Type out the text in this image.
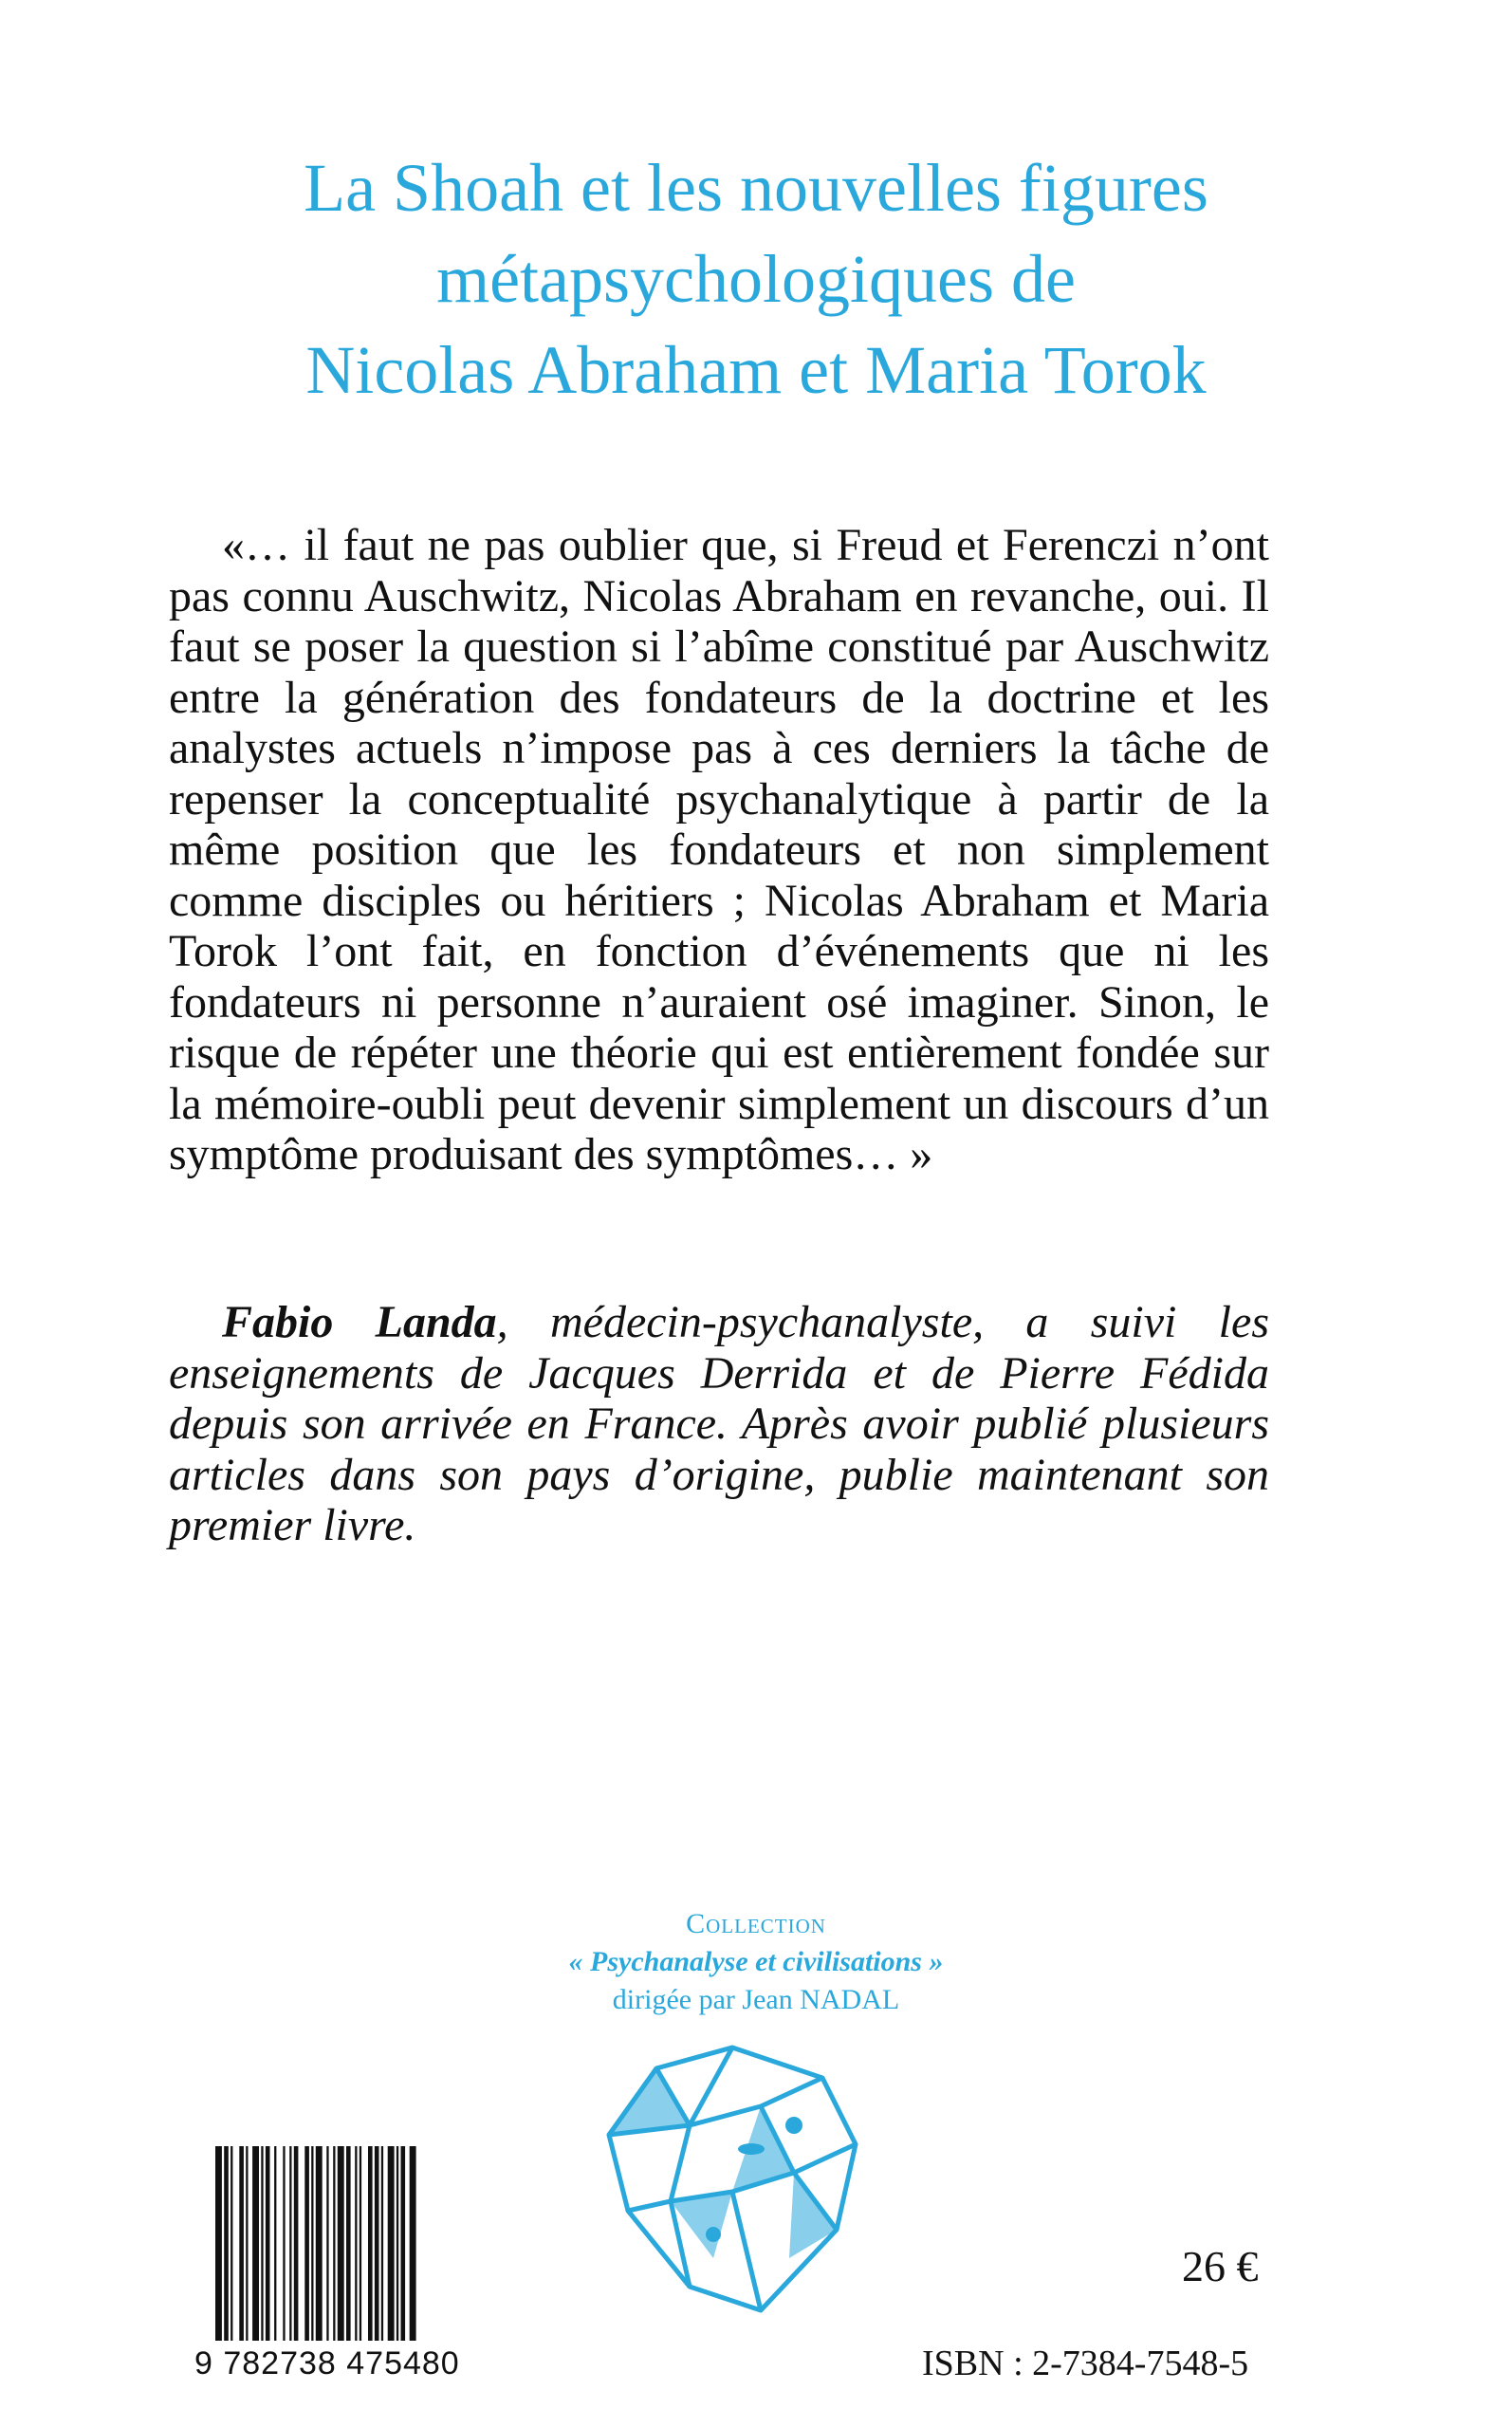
La Shoah et les nouvelles figures
métapsychologiques de
Nicolas Abraham et Maria Torok
«… il faut ne pas oublier que, si Freud et Ferenczi n’ont pas connu Auschwitz, Nicolas Abraham en revanche, oui. Il faut se poser la question si l’abîme constitué par Auschwitz entre la génération des fondateurs de la doctrine et les analystes actuels n’impose pas à ces derniers la tâche de repenser la conceptualité psychanalytique à partir de la même position que les fondateurs et non simplement comme disciples ou héritiers ; Nicolas Abraham et Maria Torok l’ont fait, en fonction d’événements que ni les fondateurs ni personne n’auraient osé imaginer. Sinon, le risque de répéter une théorie qui est entièrement fondée sur la mémoire-oubli peut devenir simplement un discours d’un symptôme produisant des symptômes… »
Fabio Landa, médecin-psychanalyste, a suivi les enseignements de Jacques Derrida et de Pierre Fédida depuis son arrivée en France. Après avoir publié plusieurs articles dans son pays d’origine, publie maintenant son premier livre.
Collection
« Psychanalyse et civilisations »
dirigée par Jean NADAL
9 782738 475480
26 €
ISBN : 2-7384-7548-5
